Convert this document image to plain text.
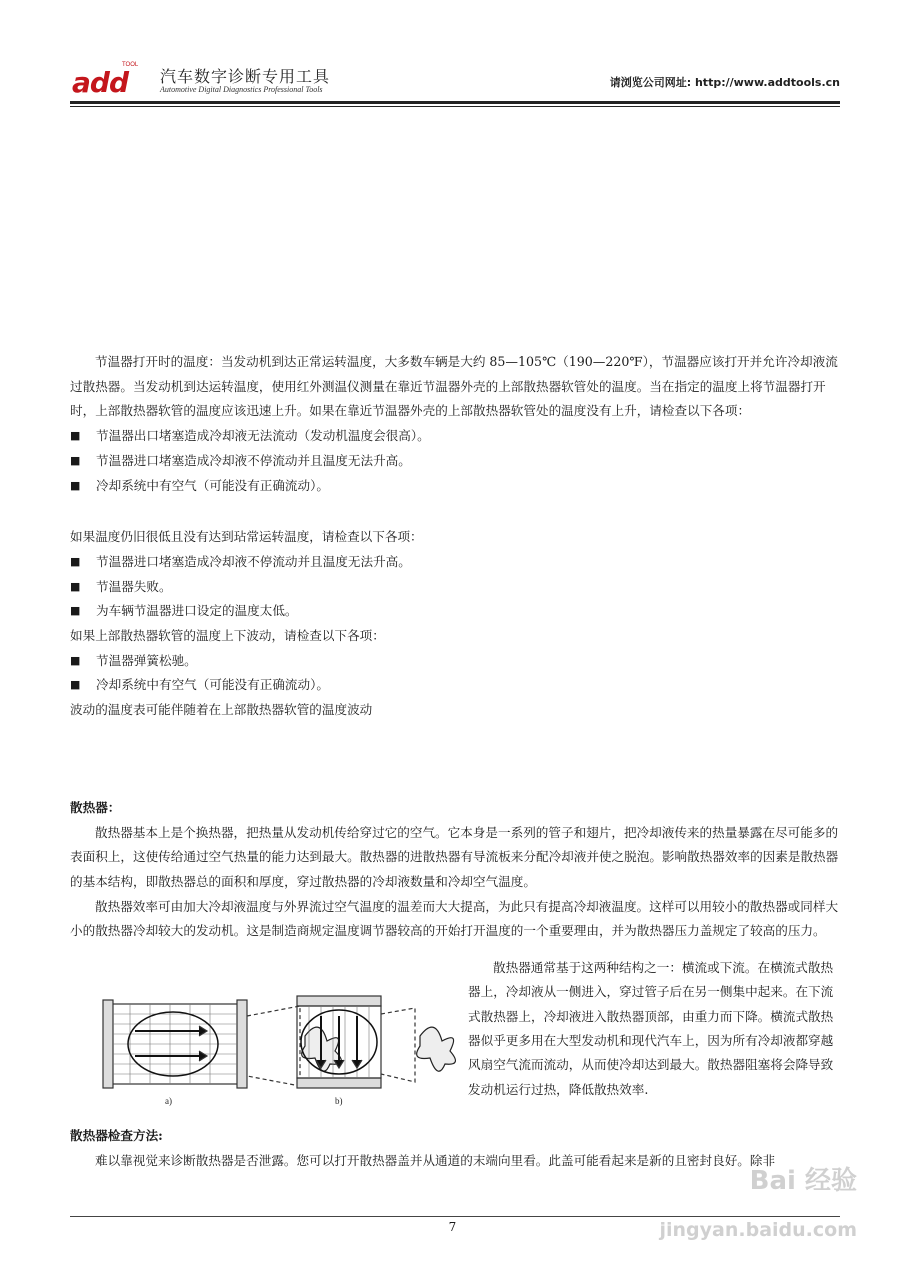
TOOL
add 汽车数字诊断专用工具
Automotive Digital Diagnostics Professional Tools
请浏览公司网址: http://www.addtools.cn

节温器打开时的温度：当发动机到达正常运转温度，大多数车辆是大约 85—105℃（190—220℉），节温器应该打开并允许冷却液流过散热器。当发动机到达运转温度，使用红外测温仪测量在靠近节温器外壳的上部散热器软管处的温度。当在指定的温度上将节温器打开时，上部散热器软管的温度应该迅速上升。如果在靠近节温器外壳的上部散热器软管处的温度没有上升，请检查以下各项：

■	节温器出口堵塞造成冷却液无法流动（发动机温度会很高）。
■	节温器进口堵塞造成冷却液不停流动并且温度无法升高。
■	冷却系统中有空气（可能没有正确流动）。

如果温度仍旧很低且没有达到玷常运转温度，请检查以下各项：

■	节温器进口堵塞造成冷却液不停流动并且温度无法升高。
■	节温器失败。
■	为车辆节温器进口设定的温度太低。

如果上部散热器软管的温度上下波动，请检查以下各项：

■	节温器弹簧松驰。
■	冷却系统中有空气（可能没有正确流动）。

波动的温度表可能伴随着在上部散热器软管的温度波动

散热器：

散热器基本上是个换热器，把热量从发动机传给穿过它的空气。它本身是一系列的管子和翅片，把冷却液传来的热量暴露在尽可能多的表面积上，这使传给通过空气热量的能力达到最大。散热器的进散热器有导流板来分配冷却液并使之脱泡。影响散热器效率的因素是散热器的基本结构，即散热器总的面积和厚度，穿过散热器的冷却液数量和冷却空气温度。

散热器效率可由加大冷却液温度与外界流过空气温度的温差而大大提高，为此只有提高冷却液温度。这样可以用较小的散热器或同样大小的散热器冷却较大的发动机。这是制造商规定温度调节器较高的开始打开温度的一个重要理由，并为散热器压力盖规定了较高的压力。

a)	b)

散热器通常基于这两种结构之一：横流或下流。在横流式散热器上，冷却液从一侧进入，穿过管子后在另一侧集中起来。在下流式散热器上，冷却液进入散热器顶部，由重力而下降。横流式散热器似乎更多用在大型发动机和现代汽车上，因为所有冷却液都穿越风扇空气流而流动，从而使冷却达到最大。散热器阻塞将会降导致发动机运行过热，降低散热效率.

散热器检查方法:

难以靠视觉来诊断散热器是否泄露。您可以打开散热器盖并从通道的末端向里看。此盖可能看起来是新的且密封良好。除非

Bai 经验
jingyan.baidu.com
7
